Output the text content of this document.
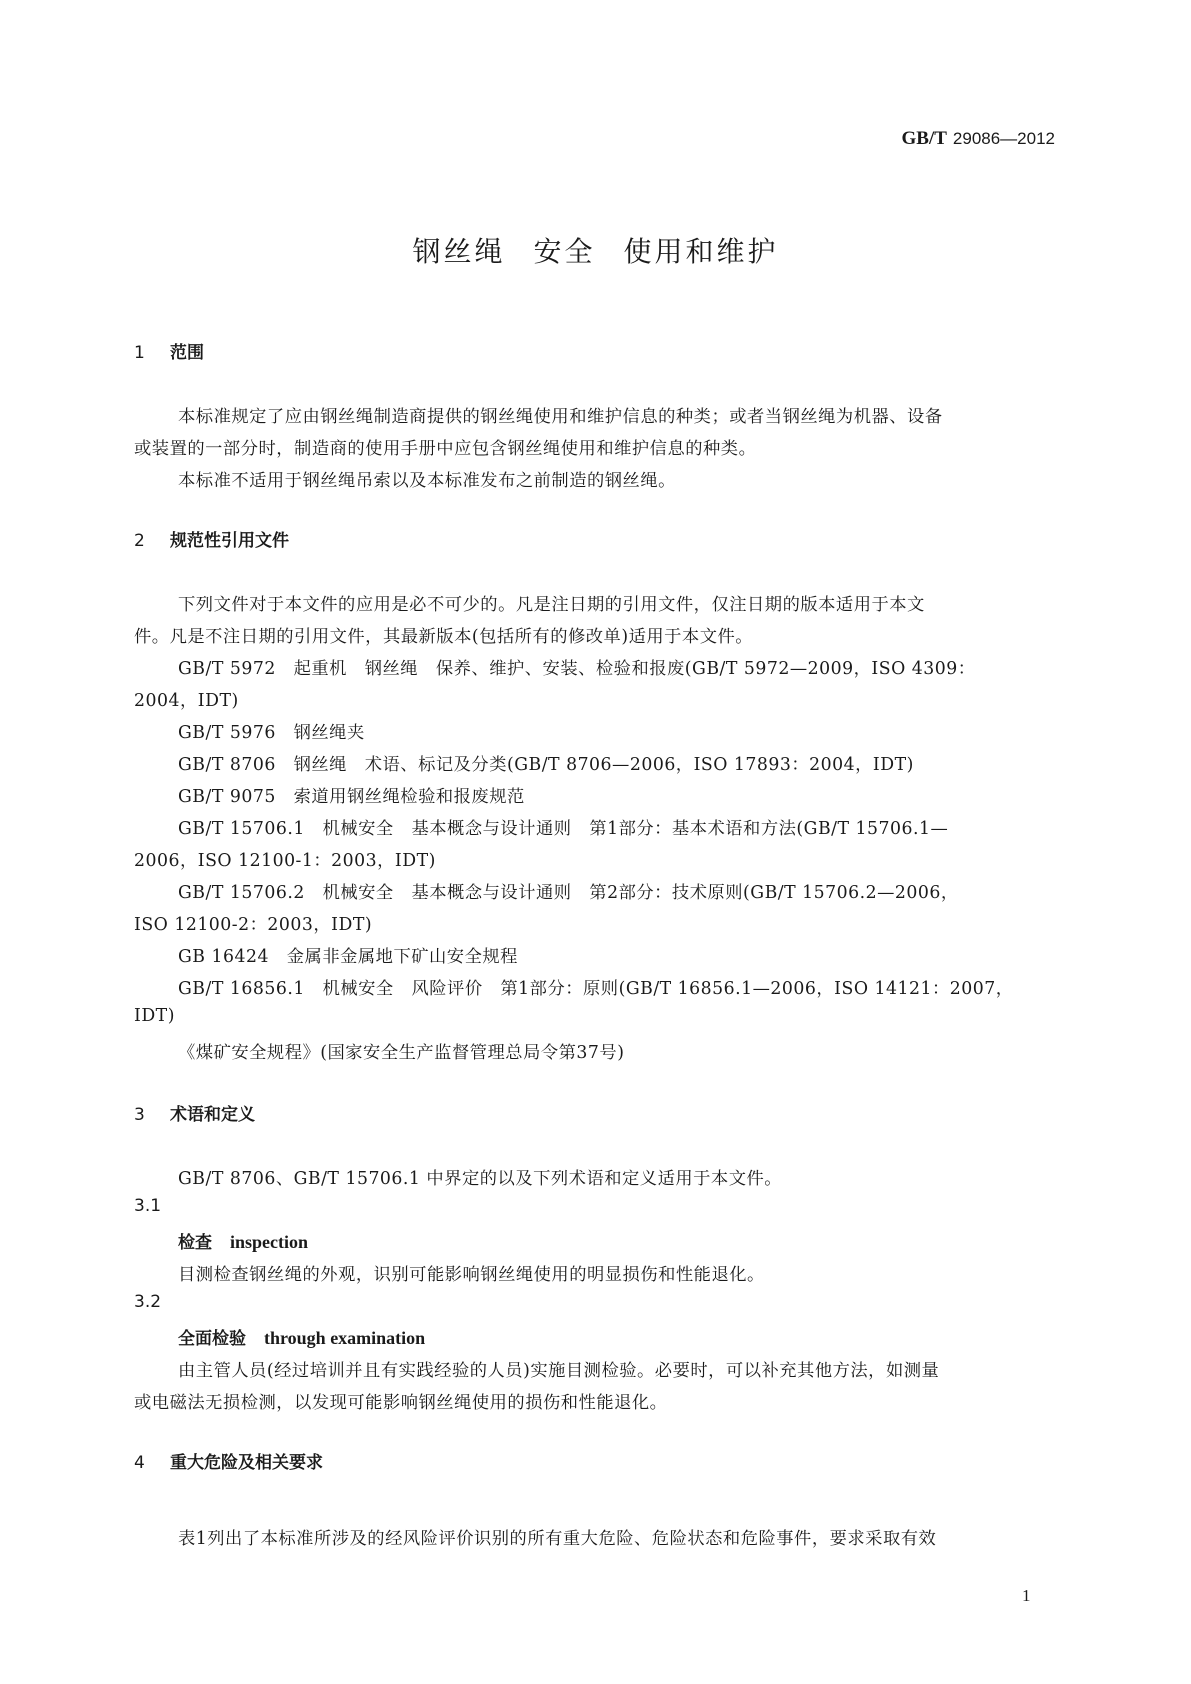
GB/T 29086—2012
钢丝绳 安全 使用和维护
1 范围
本标准规定了应由钢丝绳制造商提供的钢丝绳使用和维护信息的种类；或者当钢丝绳为机器、设备
或装置的一部分时，制造商的使用手册中应包含钢丝绳使用和维护信息的种类。
本标准不适用于钢丝绳吊索以及本标准发布之前制造的钢丝绳。
2 规范性引用文件
下列文件对于本文件的应用是必不可少的。凡是注日期的引用文件，仅注日期的版本适用于本文
件。凡是不注日期的引用文件，其最新版本(包括所有的修改单)适用于本文件。
GB/T 5972　起重机　钢丝绳　保养、维护、安装、检验和报废(GB/T 5972—2009，ISO 4309：
2004，IDT)
GB/T 5976　钢丝绳夹
GB/T 8706　钢丝绳　术语、标记及分类(GB/T 8706—2006，ISO 17893：2004，IDT)
GB/T 9075　索道用钢丝绳检验和报废规范
GB/T 15706.1　机械安全　基本概念与设计通则　第1部分：基本术语和方法(GB/T 15706.1—
2006，ISO 12100-1：2003，IDT)
GB/T 15706.2　机械安全　基本概念与设计通则　第2部分：技术原则(GB/T 15706.2—2006，
ISO 12100-2：2003，IDT)
GB 16424　金属非金属地下矿山安全规程
GB/T 16856.1　机械安全　风险评价　第1部分：原则(GB/T 16856.1—2006，ISO 14121：2007，
IDT)
《煤矿安全规程》(国家安全生产监督管理总局令第37号)
3 术语和定义
GB/T 8706、GB/T 15706.1 中界定的以及下列术语和定义适用于本文件。
3.1
检查 inspection
目测检查钢丝绳的外观，识别可能影响钢丝绳使用的明显损伤和性能退化。
3.2
全面检验 through examination
由主管人员(经过培训并且有实践经验的人员)实施目测检验。必要时，可以补充其他方法，如测量
或电磁法无损检测，以发现可能影响钢丝绳使用的损伤和性能退化。
4 重大危险及相关要求
表1列出了本标准所涉及的经风险评价识别的所有重大危险、危险状态和危险事件，要求采取有效
1
